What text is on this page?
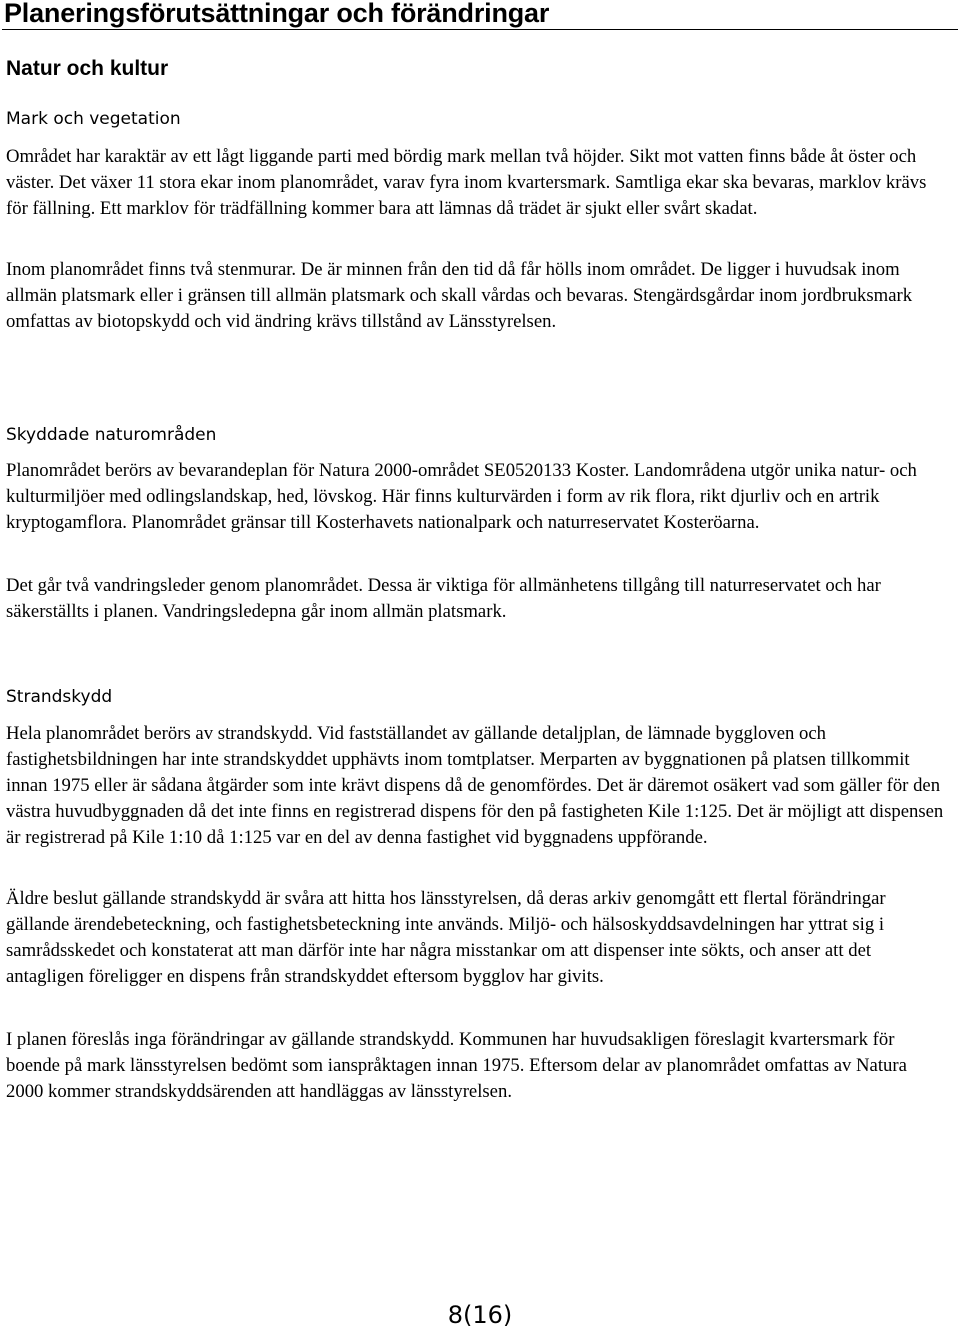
Planeringsförutsättningar och förändringar
Natur och kultur
Mark och vegetation

Området har karaktär av ett lågt liggande parti med bördig mark mellan två höjder. Sikt mot vatten finns både åt öster och väster. Det växer 11 stora ekar inom planområdet, varav fyra inom kvartersmark. Samtliga ekar ska bevaras, marklov krävs för fällning. Ett marklov för trädfällning kommer bara att lämnas då trädet är sjukt eller svårt skadat.

Inom planområdet finns två stenmurar. De är minnen från den tid då får hölls inom området. De ligger i huvudsak inom allmän platsmark eller i gränsen till allmän platsmark och skall vårdas och bevaras. Stengärdsgårdar inom jordbruksmark omfattas av biotopskydd och vid ändring krävs tillstånd av Länsstyrelsen.

Skyddade naturområden

Planområdet berörs av bevarandeplan för Natura 2000-området SE0520133 Koster. Landområdena utgör unika natur- och kulturmiljöer med odlingslandskap, hed, lövskog. Här finns kulturvärden i form av rik flora, rikt djurliv och en artrik kryptogamflora. Planområdet gränsar till Kosterhavets nationalpark och naturreservatet Kosteröarna.

Det går två vandringsleder genom planområdet. Dessa är viktiga för allmänhetens tillgång till naturreservatet och har säkerställts i planen. Vandringsledерna går inom allmän platsmark.

Strandskydd

Hela planområdet berörs av strandskydd. Vid fastställandet av gällande detaljplan, de lämnade byggloven och fastighetsbildningen har inte strandskyddet upphävts inom tomtplatser. Merparten av byggnationen på platsen tillkommit innan 1975 eller är sådana åtgärder som inte krävt dispens då de genomfördes. Det är däremot osäkert vad som gäller för den västra huvudbyggnaden då det inte finns en registrerad dispens för den på fastigheten Kile 1:125. Det är möjligt att dispensen är registrerad på Kile 1:10 då 1:125 var en del av denna fastighet vid byggnadens uppförande.

Äldre beslut gällande strandskydd är svåra att hitta hos länsstyrelsen, då deras arkiv genomgått ett flertal förändringar gällande ärendebeteckning, och fastighetsbeteckning inte används. Miljö- och hälsoskyddsavdelningen har yttrat sig i samrådsskedet och konstaterat att man därför inte har några misstankar om att dispenser inte sökts, och anser att det antagligen föreligger en dispens från strandskyddet eftersom bygglov har givits.

I planen föreslås inga förändringar av gällande strandskydd. Kommunen har huvudsakligen föreslagit kvartersmark för boende på mark länsstyrelsen bedömt som ianspråktagen innan 1975. Eftersom delar av planområdet omfattas av Natura 2000 kommer strandskyddsärenden att handläggas av länsstyrelsen.

8(16)
